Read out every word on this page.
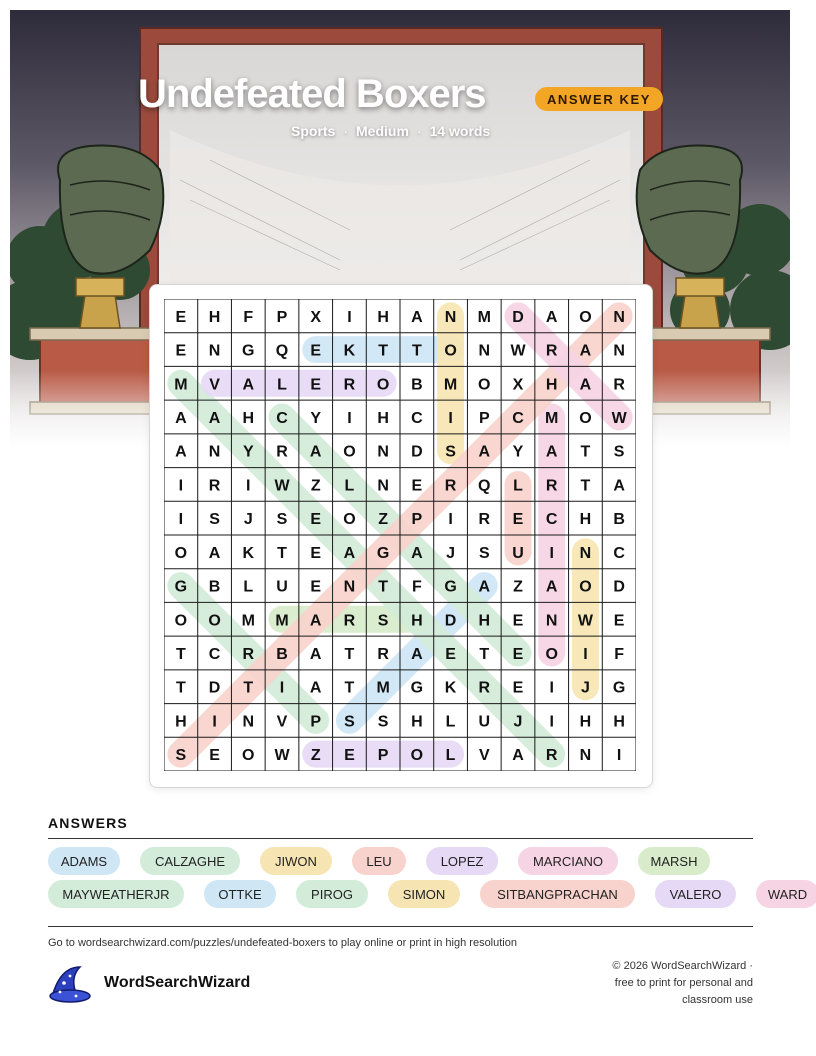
Undefeated Boxers	ANSWER KEY
Sports · Medium · 14 words
E H F P X I H A N M D A O N
E N G Q E K T T O N W R A N
M V A L E R O B M O X H A R
A A H C Y I H C I P C M O W
A N Y R A O N D S A Y A T S
I R I W Z L N E R Q L R T A
I S J S E O Z P I R E C H B
O A K T E A G A J S U I N C
G B L U E N T F G A Z A O D
O O M M A R S H D H E N W E
T C R B A T R A E T E O I F
T D T I A T M G K R E I J G
H I N V P S S H L U J I H H
S E O W Z E P O L V A R N I
ANSWERS
ADAMS	CALZAGHE	JIWON	LEU	LOPEZ	MARCIANO	MARSH
MAYWEATHERJR	OTTKE	PIROG	SIMON	SITBANGPRACHAN	VALERO	WARD
Go to wordsearchwizard.com/puzzles/undefeated-boxers to play online or print in high resolution
WordSearchWizard
© 2026 WordSearchWizard ·
free to print for personal and
classroom use
